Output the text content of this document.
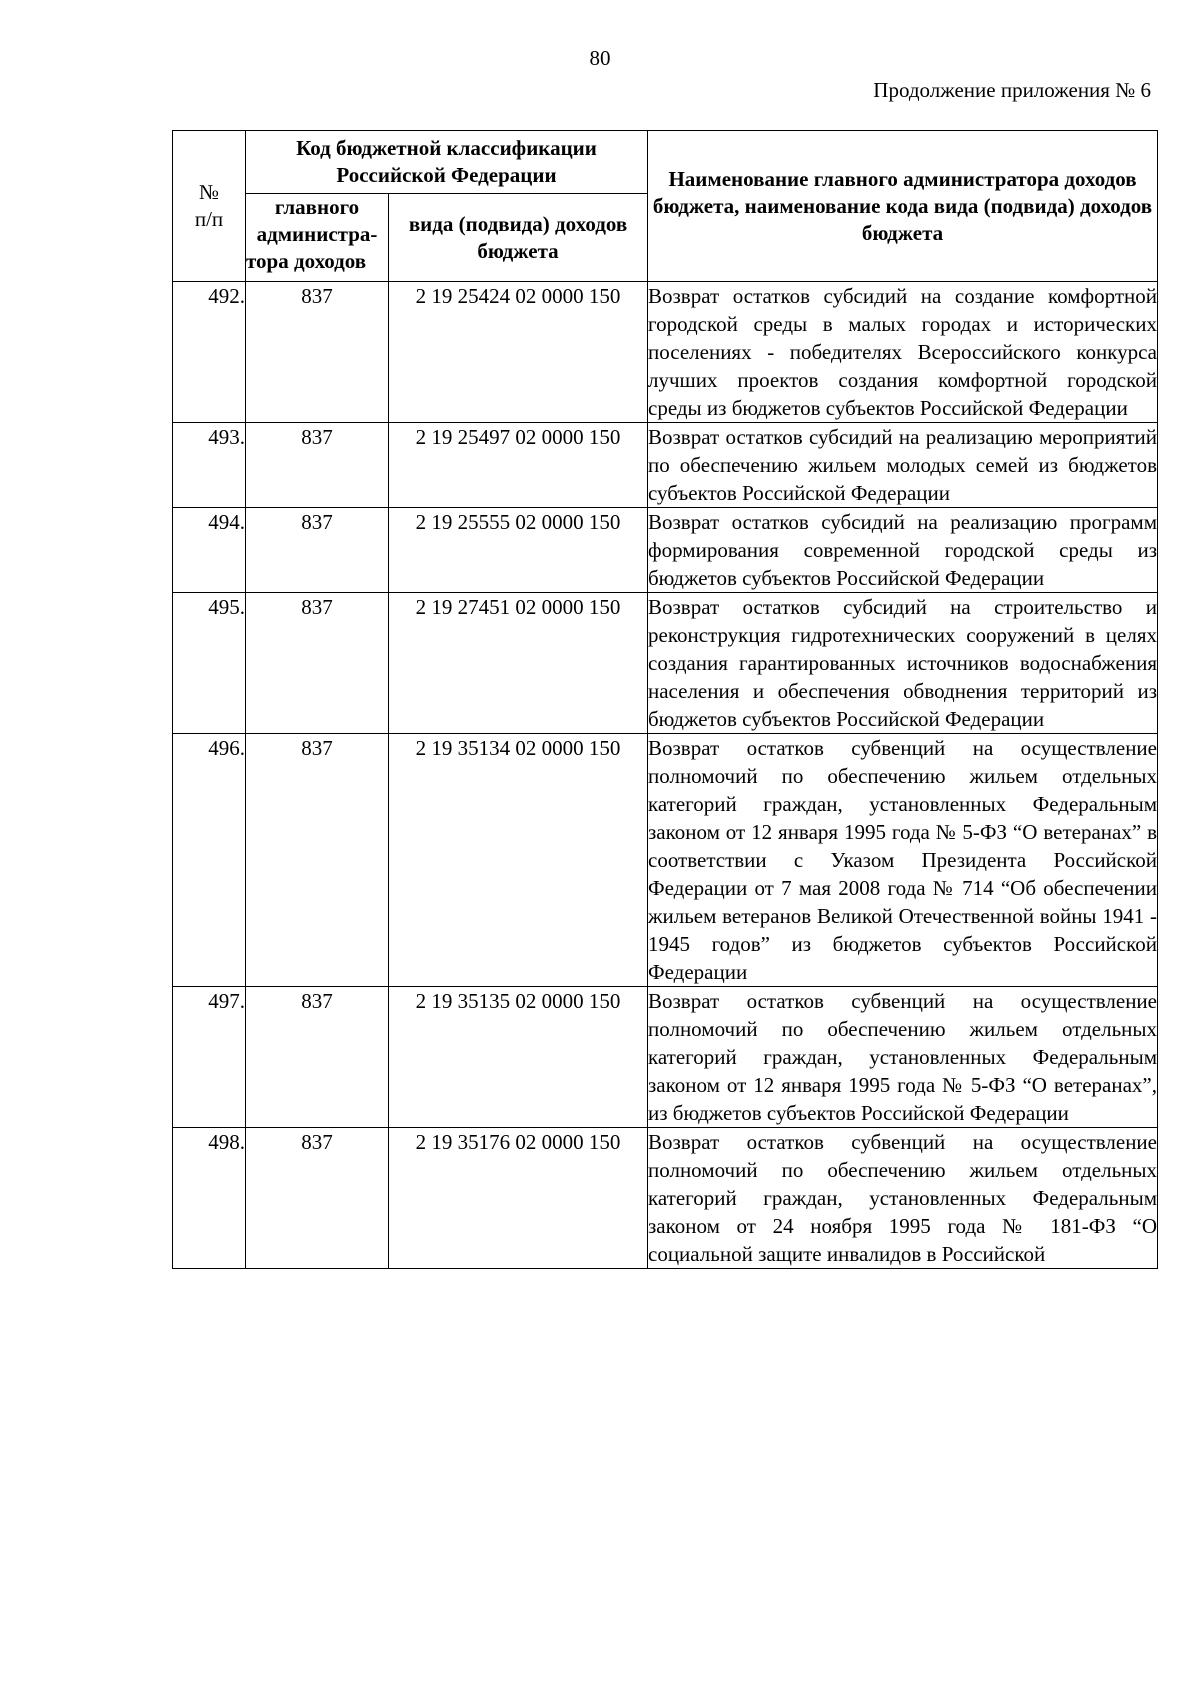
80
Продолжение приложения № 6
№
п/п	Код бюджетной классификации Российской Федерации		Наименование главного администратора доходов бюджета, наименование кода вида (подвида) доходов бюджета

	главного
администра-
тора доходов	вида (подвида) доходов бюджета	
492.	837	2 19 25424 02 0000 150	Возврат остатков субсидий на создание комфортной городской среды в малых городах и исторических поселениях - победителях Всероссийского конкурса лучших проектов создания комфортной городской среды из бюджетов субъектов Российской Федерации
493.	837	2 19 25497 02 0000 150	Возврат остатков субсидий на реализацию мероприятий по обеспечению жильем молодых семей из бюджетов субъектов Российской Федерации
494.	837	2 19 25555 02 0000 150	Возврат остатков субсидий на реализацию программ формирования современной городской среды из бюджетов субъектов Российской Федерации
495.	837	2 19 27451 02 0000 150	Возврат остатков субсидий на строительство и реконструкция гидротехнических сооружений в целях создания гарантированных источников водоснабжения населения и обеспечения обводнения территорий из бюджетов субъектов Российской Федерации
496.	837	2 19 35134 02 0000 150	Возврат остатков субвенций на осуществление полномочий по обеспечению жильем отдельных категорий граждан, установленных Федеральным законом от 12 января 1995 года № 5-ФЗ “О ветеранах” в соответствии с Указом Президента Российской Федерации от 7 мая 2008 года № 714 “Об обеспечении жильем ветеранов Великой Отечественной войны 1941 - 1945 годов” из бюджетов субъектов Российской Федерации
497.	837	2 19 35135 02 0000 150	Возврат остатков субвенций на осуществление полномочий по обеспечению жильем отдельных категорий граждан, установленных Федеральным законом от 12 января 1995 года № 5-ФЗ “О ветеранах”, из бюджетов субъектов Российской Федерации
498.	837	2 19 35176 02 0000 150	Возврат остатков субвенций на осуществление полномочий по обеспечению жильем отдельных категорий граждан, установленных Федеральным законом от 24 ноября 1995 года № 181-ФЗ “О социальной защите инвалидов в Российской
